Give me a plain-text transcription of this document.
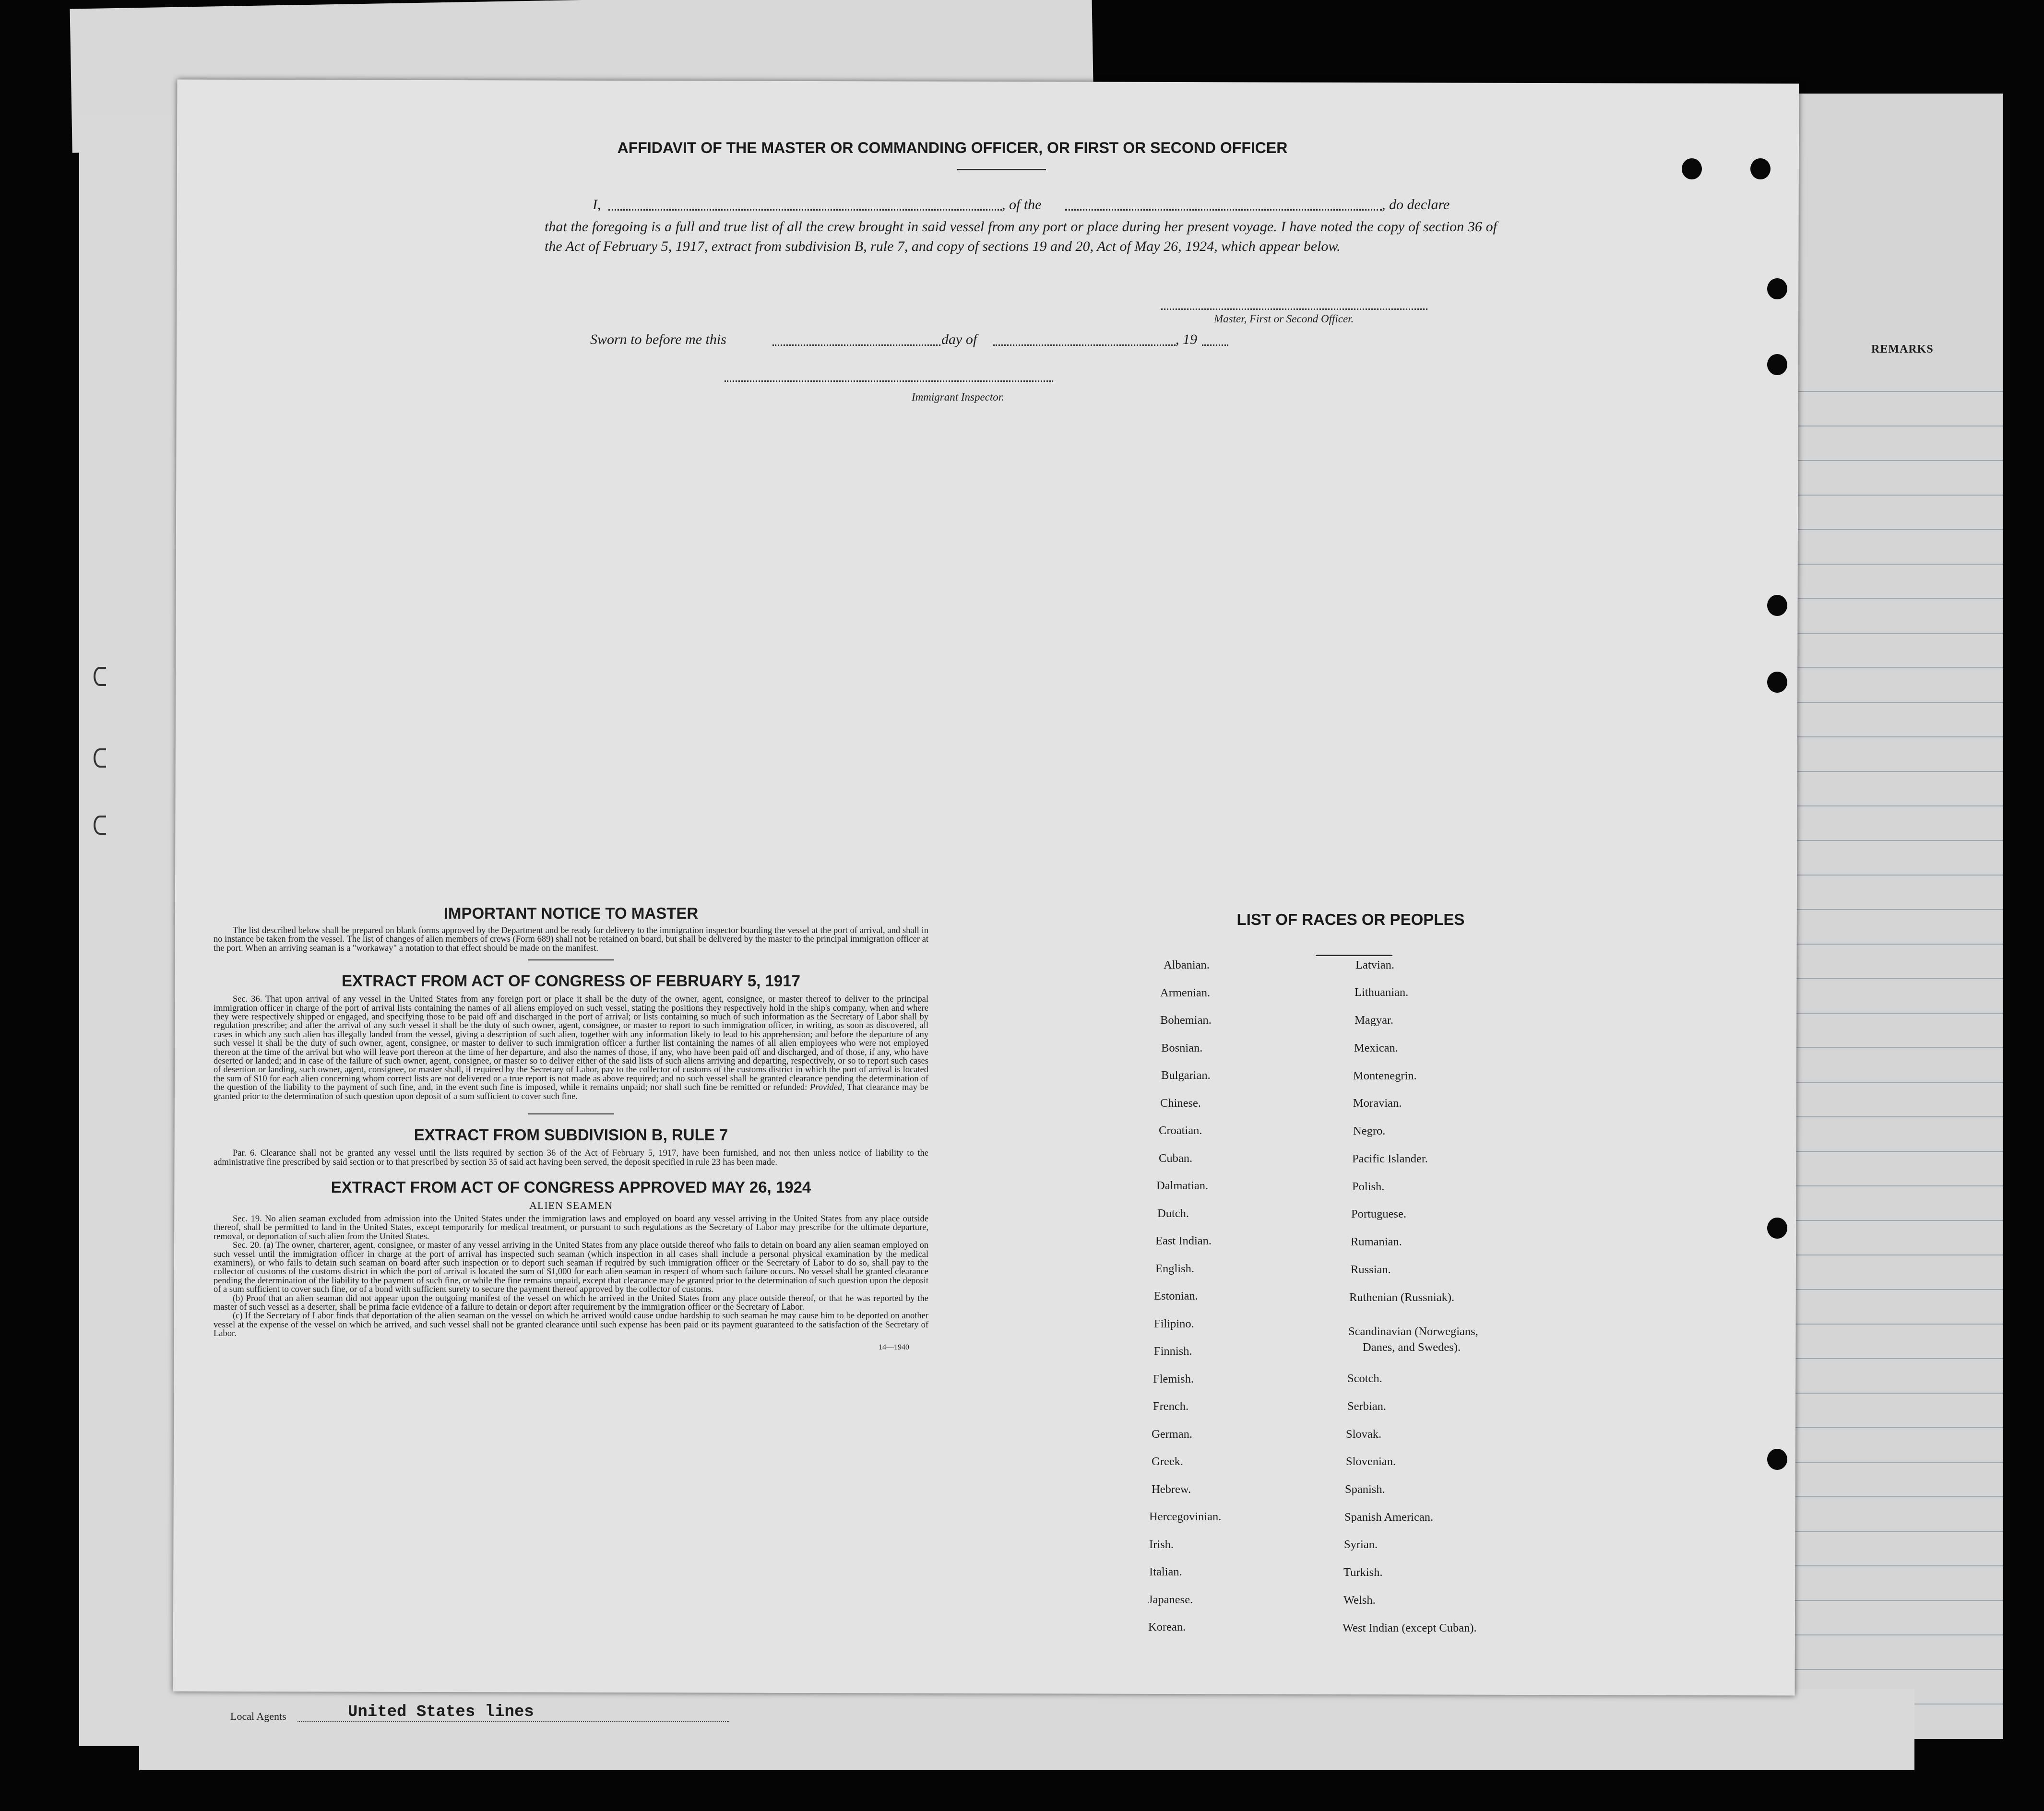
REMARKS
Local Agents	United States lines
AFFIDAVIT OF THE MASTER OR COMMANDING OFFICER, OR FIRST OR SECOND OFFICER
I,	, of the	, do declare
that the foregoing is a full and true list of all the crew brought in said vessel from any port or place during her present voyage. I have noted the copy of section 36 of the Act of February 5, 1917, extract from subdivision B, rule 7, and copy of sections 19 and 20, Act of May 26, 1924, which appear below.
Master, First or Second Officer.
Sworn to before me this	day of	, 19
Immigrant Inspector.
IMPORTANT NOTICE TO MASTER
The list described below shall be prepared on blank forms approved by the Department and be ready for delivery to the immigration inspector boarding the vessel at the port of arrival, and shall in no instance be taken from the vessel. The list of changes of alien members of crews (Form 689) shall not be retained on board, but shall be delivered by the master to the principal immigration officer at the port. When an arriving seaman is a "workaway" a notation to that effect should be made on the manifest.
EXTRACT FROM ACT OF CONGRESS OF FEBRUARY 5, 1917
Sec. 36. That upon arrival of any vessel in the United States from any foreign port or place it shall be the duty of the owner, agent, consignee, or master thereof to deliver to the principal immigration officer in charge of the port of arrival lists containing the names of all aliens employed on such vessel, stating the positions they respectively hold in the ship's company, when and where they were respectively shipped or engaged, and specifying those to be paid off and discharged in the port of arrival; or lists containing so much of such information as the Secretary of Labor shall by regulation prescribe; and after the arrival of any such vessel it shall be the duty of such owner, agent, consignee, or master to report to such immigration officer, in writing, as soon as discovered, all cases in which any such alien has illegally landed from the vessel, giving a description of such alien, together with any information likely to lead to his apprehension; and before the departure of any such vessel it shall be the duty of such owner, agent, consignee, or master to deliver to such immigration officer a further list containing the names of all alien employees who were not employed thereon at the time of the arrival but who will leave port thereon at the time of her departure, and also the names of those, if any, who have been paid off and discharged, and of those, if any, who have deserted or landed; and in case of the failure of such owner, agent, consignee, or master so to deliver either of the said lists of such aliens arriving and departing, respectively, or so to report such cases of desertion or landing, such owner, agent, consignee, or master shall, if required by the Secretary of Labor, pay to the collector of customs of the customs district in which the port of arrival is located the sum of $10 for each alien concerning whom correct lists are not delivered or a true report is not made as above required; and no such vessel shall be granted clearance pending the determination of the question of the liability to the payment of such fine, and, in the event such fine is imposed, while it remains unpaid; nor shall such fine be remitted or refunded: Provided, That clearance may be granted prior to the determination of such question upon deposit of a sum sufficient to cover such fine.
EXTRACT FROM SUBDIVISION B, RULE 7
Par. 6. Clearance shall not be granted any vessel until the lists required by section 36 of the Act of February 5, 1917, have been furnished, and not then unless notice of liability to the administrative fine prescribed by said section or to that prescribed by section 35 of said act having been served, the deposit specified in rule 23 has been made.
EXTRACT FROM ACT OF CONGRESS APPROVED MAY 26, 1924
ALIEN SEAMEN
Sec. 19. No alien seaman excluded from admission into the United States under the immigration laws and employed on board any vessel arriving in the United States from any place outside thereof, shall be permitted to land in the United States, except temporarily for medical treatment, or pursuant to such regulations as the Secretary of Labor may prescribe for the ultimate departure, removal, or deportation of such alien from the United States.
Sec. 20. (a) The owner, charterer, agent, consignee, or master of any vessel arriving in the United States from any place outside thereof who fails to detain on board any alien seaman employed on such vessel until the immigration officer in charge at the port of arrival has inspected such seaman (which inspection in all cases shall include a personal physical examination by the medical examiners), or who fails to detain such seaman on board after such inspection or to deport such seaman if required by such immigration officer or the Secretary of Labor to do so, shall pay to the collector of customs of the customs district in which the port of arrival is located the sum of $1,000 for each alien seaman in respect of whom such failure occurs. No vessel shall be granted clearance pending the determination of the liability to the payment of such fine, or while the fine remains unpaid, except that clearance may be granted prior to the determination of such question upon the deposit of a sum sufficient to cover such fine, or of a bond with sufficient surety to secure the payment thereof approved by the collector of customs.
(b) Proof that an alien seaman did not appear upon the outgoing manifest of the vessel on which he arrived in the United States from any place outside thereof, or that he was reported by the master of such vessel as a deserter, shall be prima facie evidence of a failure to detain or deport after requirement by the immigration officer or the Secretary of Labor.
(c) If the Secretary of Labor finds that deportation of the alien seaman on the vessel on which he arrived would cause undue hardship to such seaman he may cause him to be deported on another vessel at the expense of the vessel on which he arrived, and such vessel shall not be granted clearance until such expense has been paid or its payment guaranteed to the satisfaction of the Secretary of Labor.
14—1940
LIST OF RACES OR PEOPLES
Albanian.
Armenian.
Bohemian.
Bosnian.
Bulgarian.
Chinese.
Croatian.
Cuban.
Dalmatian.
Dutch.
East Indian.
English.
Estonian.
Filipino.
Finnish.
Flemish.
French.
German.
Greek.
Hebrew.
Hercegovinian.
Irish.
Italian.
Japanese.
Korean.
Latvian.
Lithuanian.
Magyar.
Mexican.
Montenegrin.
Moravian.
Negro.
Pacific Islander.
Polish.
Portuguese.
Rumanian.
Russian.
Ruthenian (Russniak).
Scandinavian (Norwegians,
Danes, and Swedes).
Scotch.
Serbian.
Slovak.
Slovenian.
Spanish.
Spanish American.
Syrian.
Turkish.
Welsh.
West Indian (except Cuban).
